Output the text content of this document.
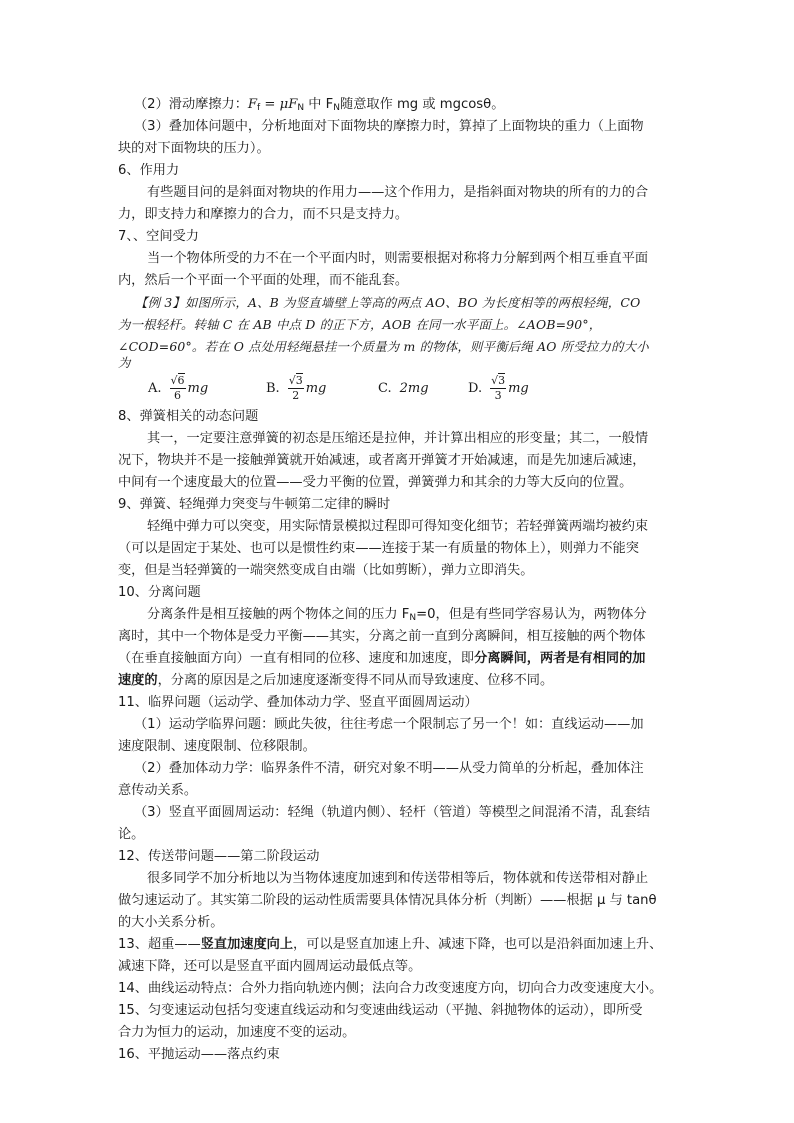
（2）滑动摩擦力：$F_f = \mu F_N$ 中 $F_N$随意取作 mg 或 mgcosθ。
（3）叠加体问题中，分析地面对下面物块的摩擦力时，算掉了上面物块的重力（上面物
块的对下面物块的压力）。
6、作用力
有些题目问的是斜面对物块的作用力——这个作用力，是指斜面对物块的所有的力的合
力，即支持力和摩擦力的合力，而不只是支持力。
7、、空间受力
当一个物体所受的力不在一个平面内时，则需要根据对称将力分解到两个相互垂直平面
内，然后一个平面一个平面的处理，而不能乱套。
【例 3】如图所示，A、B 为竖直墙壁上等高的两点 AO、BO 为长度相等的两根轻绳，CO
为一根轻杆。转轴 C 在 AB 中点 D 的正下方，AOB 在同一水平面上。∠AOB=90°，
∠COD=60°。若在 O 点处用轻绳悬挂一个质量为 m 的物体，则平衡后绳 AO 所受拉力的大小
为
A. √ $\frac{6}{6}$ mg	B. √ $\frac{3}{2}$ mg	C. 2mg	D. √ $\frac{3}{3}$ mg
8、弹簧相关的动态问题
其一，一定要注意弹簧的初态是压缩还是拉伸，并计算出相应的形变量；其二，一般情
况下，物块并不是一接触弹簧就开始减速，或者离开弹簧才开始减速，而是先加速后减速，
中间有一个速度最大的位置——受力平衡的位置，弹簧弹力和其余的力等大反向的位置。
9、弹簧、轻绳弹力突变与牛顿第二定律的瞬时
轻绳中弹力可以突变，用实际情景模拟过程即可得知变化细节；若轻弹簧两端均被约束
（可以是固定于某处、也可以是惯性约束——连接于某一有质量的物体上），则弹力不能突
变，但是当轻弹簧的一端突然变成自由端（比如剪断），弹力立即消失。
10、分离问题
分离条件是相互接触的两个物体之间的压力 $F_N=0$，但是有些同学容易认为，两物体分
离时，其中一个物体是受力平衡——其实，分离之前一直到分离瞬间，相互接触的两个物体
（在垂直接触面方向）一直有相同的位移、速度和加速度，即分离瞬间，两者是有相同的加
速度的，分离的原因是之后加速度逐渐变得不同从而导致速度、位移不同。
11、临界问题（运动学、叠加体动力学、竖直平面圆周运动）
（1）运动学临界问题：顾此失彼，往往考虑一个限制忘了另一个！如：直线运动——加
速度限制、速度限制、位移限制。
（2）叠加体动力学：临界条件不清，研究对象不明——从受力简单的分析起，叠加体注
意传动关系。
（3）竖直平面圆周运动：轻绳（轨道内侧）、轻杆（管道）等模型之间混淆不清，乱套结
论。
12、传送带问题——第二阶段运动
很多同学不加分析地以为当物体速度加速到和传送带相等后，物体就和传送带相对静止
做匀速运动了。其实第二阶段的运动性质需要具体情况具体分析（判断）——根据 μ 与 tanθ
的大小关系分析。
13、超重——竖直加速度向上，可以是竖直加速上升、减速下降，也可以是沿斜面加速上升、
减速下降，还可以是竖直平面内圆周运动最低点等。
14、曲线运动特点：合外力指向轨迹内侧；法向合力改变速度方向，切向合力改变速度大小。
15、匀变速运动包括匀变速直线运动和匀变速曲线运动（平抛、斜抛物体的运动），即所受
合力为恒力的运动，加速度不变的运动。
16、平抛运动——落点约束
